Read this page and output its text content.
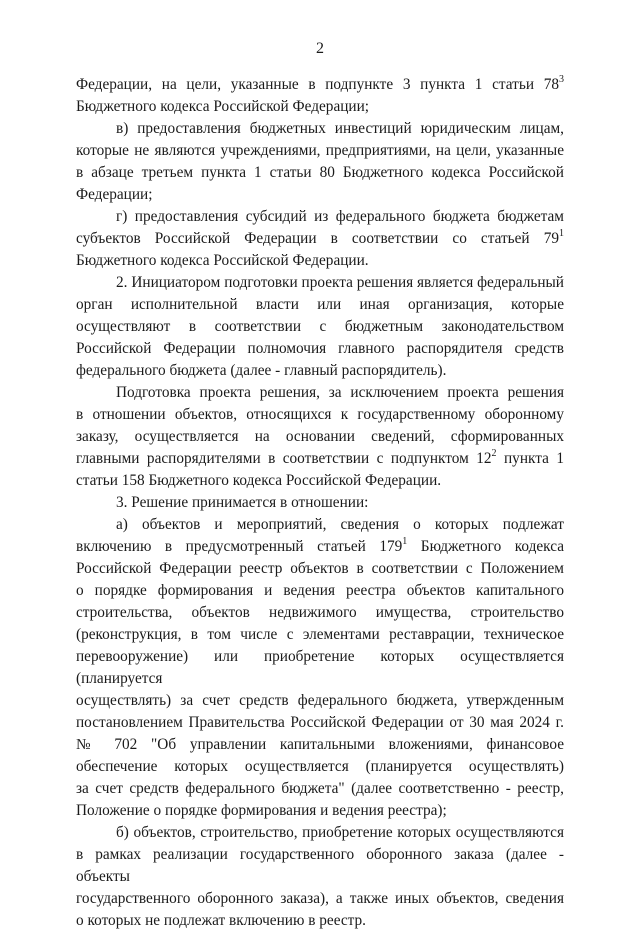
2

Федерации, на цели, указанные в подпункте 3 пункта 1 статьи $78^3$
Бюджетного кодекса Российской Федерации;

в) предоставления бюджетных инвестиций юридическим лицам,
которые не являются учреждениями, предприятиями, на цели, указанные
в абзаце третьем пункта 1 статьи 80 Бюджетного кодекса Российской
Федерации;

г) предоставления субсидий из федерального бюджета бюджетам
субъектов Российской Федерации в соответствии со статьей $79^1$
Бюджетного кодекса Российской Федерации.

2. Инициатором подготовки проекта решения является федеральный
орган исполнительной власти или иная организация, которые
осуществляют в соответствии с бюджетным законодательством
Российской Федерации полномочия главного распорядителя средств
федерального бюджета (далее - главный распорядитель).

Подготовка проекта решения, за исключением проекта решения
в отношении объектов, относящихся к государственному оборонному
заказу, осуществляется на основании сведений, сформированных
главными распорядителями в соответствии с подпунктом $12^2$ пункта 1
статьи 158 Бюджетного кодекса Российской Федерации.

3. Решение принимается в отношении:

а) объектов и мероприятий, сведения о которых подлежат
включению в предусмотренный статьей $179^1$ Бюджетного кодекса
Российской Федерации реестр объектов в соответствии с Положением
о порядке формирования и ведения реестра объектов капитального
строительства, объектов недвижимого имущества, строительство
(реконструкция, в том числе с элементами реставрации, техническое
перевооружение) или приобретение которых осуществляется (планируется
осуществлять) за счет средств федерального бюджета, утвержденным
постановлением Правительства Российской Федерации от 30 мая 2024 г.
№ 702 "Об управлении капитальными вложениями, финансовое
обеспечение которых осуществляется (планируется осуществлять)
за счет средств федерального бюджета" (далее соответственно - реестр,
Положение о порядке формирования и ведения реестра);

б) объектов, строительство, приобретение которых осуществляются
в рамках реализации государственного оборонного заказа (далее - объекты
государственного оборонного заказа), а также иных объектов, сведения
о которых не подлежат включению в реестр.
